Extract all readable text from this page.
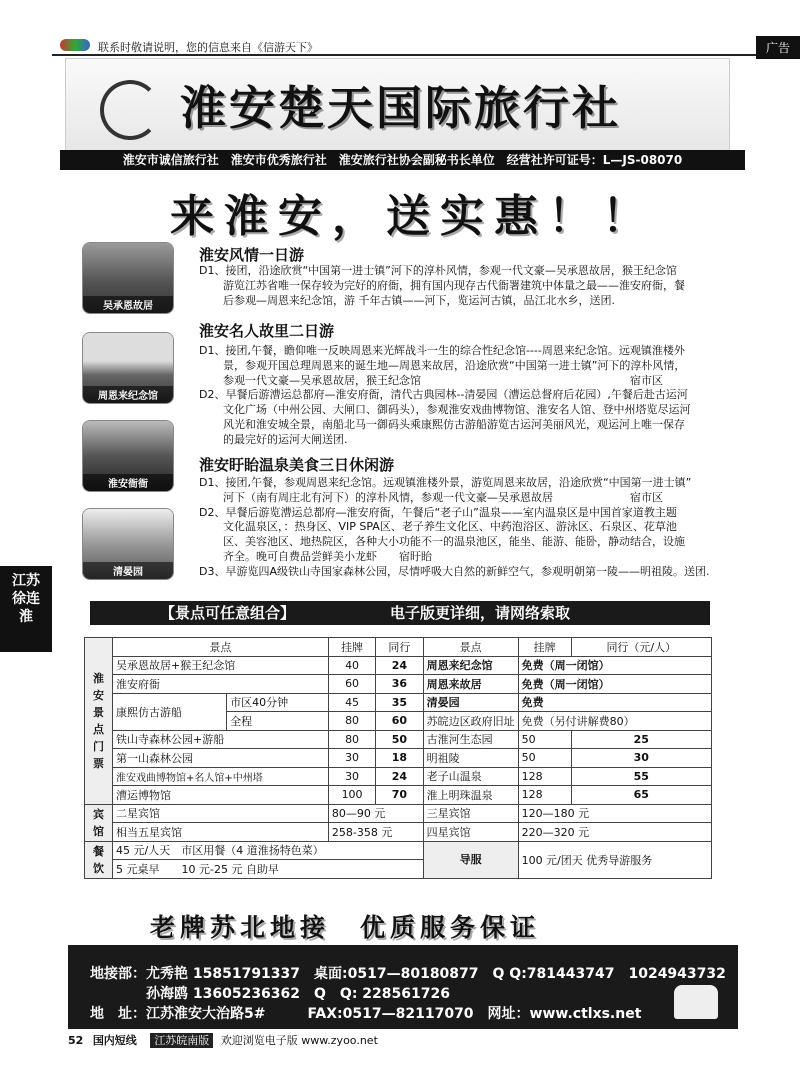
联系时敬请说明，您的信息来自《信游天下》	广告
淮安楚天国际旅行社
淮安市诚信旅行社　淮安市优秀旅行社　淮安旅行社协会副秘书长单位　经营社许可证号：L—JS-08070
来淮安，送实惠！！
吴承恩故居
周恩来纪念馆
淮安衙衙
清晏园
淮安风情一日游
D1、接团，沿途欣赏“中国第一进士镇”河下的淳朴风情，参观一代文豪—吴承恩故居，猴王纪念馆
游览江苏省唯一保存较为完好的府衙，拥有国内现存古代衙署建筑中体量之最——淮安府衙，餐
后参观—周恩来纪念馆，游 千年古镇——河下，览运河古镇，品江北水乡，送团.
淮安名人故里二日游
D1、接团,午餐，瞻仰唯一反映周恩来光辉战斗一生的综合性纪念馆----周恩来纪念馆。远观镇淮楼外
景，参观开国总理周恩来的诞生地—周恩来故居，沿途欣赏“中国第一进士镇”河下的淳朴风情，
参观一代文豪—吴承恩故居，猴王纪念馆　　　　　　　　　　　　　　　　　　　宿市区
D2、早餐后游漕运总都府—淮安府衙，清代古典园林--清晏园（漕运总督府后花园）,午餐后赴古运河
文化广场（中州公园、大闸口、御码头），参观淮安戏曲博物馆、淮安名人馆、登中州塔览尽运河
风光和淮安城全景，南船北马一御码头乘康熙仿古游船游览古运河美丽风光，观运河上唯一保存
的最完好的运河大闸送团.
淮安盱眙温泉美食三日休闲游
D1、接团,午餐，参观周恩来纪念馆。远观镇淮楼外景，游览周恩来故居，沿途欣赏“中国第一进士镇”
河下（南有周庄北有河下）的淳朴风情，参观一代文豪—吴承恩故居　　　　　　　宿市区
D2、早餐后游览漕运总都府—淮安府衙，午餐后“老子山”温泉——室内温泉区是中国首家道教主题
文化温泉区，：热身区、VIP SPA区、老子养生文化区、中药泡浴区、游泳区、石泉区、花草池
区、美容池区、地热院区，各种大小功能不一的温泉池区，能坐、能游、能卧，静动结合，设施
齐全。晚可自费品尝鲜美小龙虾　　宿盱眙
D3、早游览四A级铁山寺国家森林公园，尽情呼吸大自然的新鲜空气，参观明朝第一陵——明祖陵。送团.
江苏徐连淮	【景点可任意组合】	电子版更详细，请网络索取
淮安景点门票	景点		挂牌	同行	景点	挂牌	同行（元/人）
	吴承恩故居+猴王纪念馆		40	24	周恩来纪念馆	免费（周一闭馆）	
	淮安府衙		60	36	周恩来故居	免费（周一闭馆）	
	康熙仿古游船	市区40分钟	45	35	清晏园	免费	
		全程	80	60	苏皖边区政府旧址	免费（另付讲解费80）	
	铁山寺森林公园+游船		80	50	古淮河生态园	50	25
	第一山森林公园		30	18	明祖陵	50	30
	淮安戏曲博物馆+名人馆+中州塔		30	24	老子山温泉	128	55
	漕运博物馆		100	70	淮上明珠温泉	128	65
宾馆	二星宾馆		80—90 元		三星宾馆	120—180 元	
	相当五星宾馆		258-358 元		四星宾馆	220—320 元	
餐饮	45 元/人天　市区用餐（4 道淮扬特色菜）				导服	100 元/团天 优秀导游服务	
	5 元桌早　　10 元-25 元 自助早						
老牌苏北地接　优质服务保证
地接部：尤秀艳 15851791337　桌面:0517—80180877　Q Q:781443747　1024943732
　　　　孙海鸥 13605236362　Q　Q: 228561726
地　址：江苏淮安大治路5#　　　FAX:0517—82117070　网址：www.ctlxs.net
52 国内短线 江苏皖南版 欢迎浏览电子版 www.zyoo.net
